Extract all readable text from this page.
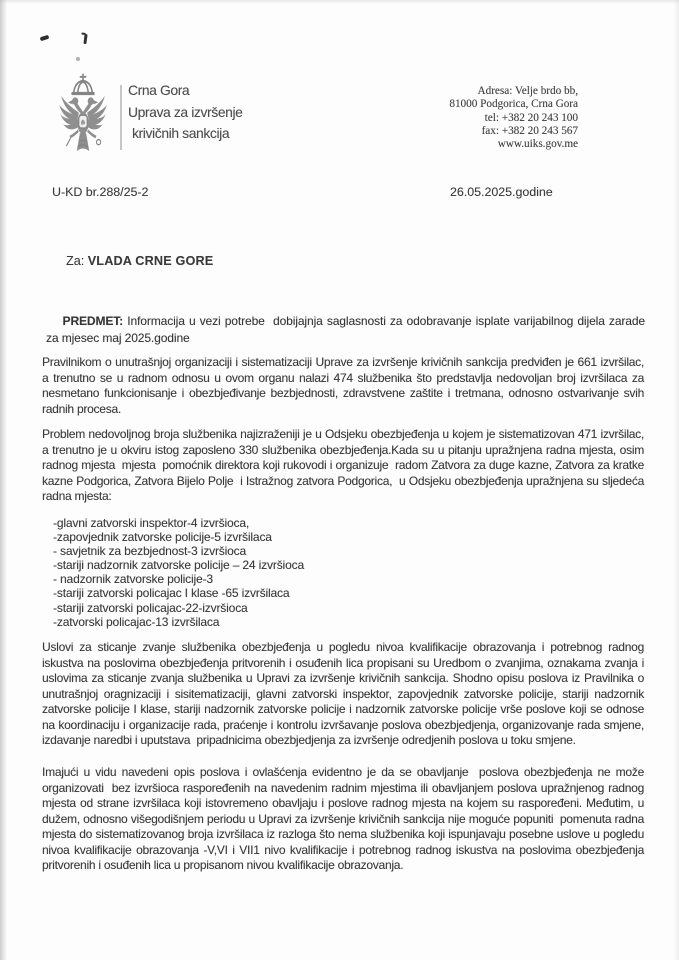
Crna Gora
Uprava za izvršenje
krivičnih sankcija
Adresa: Velje brdo bb,
81000 Podgorica, Crna Gora
tel: +382 20 243 100
fax: +382 20 243 567
www.uiks.gov.me
U-KD br.288/25-2	26.05.2025.godine

Za: VLADA CRNE GORE

PREDMET: Informacija u vezi potrebe  dobijajnja saglasnosti za odobravanje isplate varijabilnog dijela zarade za mjesec maj 2025.godine

Pravilnikom o unutrašnjoj organizaciji i sistematizaciji Uprave za izvršenje krivičnih sankcija predviđen je 661 izvršilac, a trenutno se u radnom odnosu u ovom organu nalazi 474 službenika što predstavlja nedovoljan broj izvršilaca za nesmetano funkcionisanje i obezbjeđivanje bezbjednosti, zdravstvene zaštite i tretmana, odnosno ostvarivanje svih radnih procesa.
Problem nedovoljnog broja službenika najizraženiji je u Odsjeku obezbjeđenja u kojem je sistematizovan 471 izvršilac, a trenutno je u okviru istog zaposleno 330 službenika obezbjeđenja.Kada su u pitanju upražnjena radna mjesta, osim radnog mjesta  mjesta  pomoćnik direktora koji rukovodi i organizuje  radom Zatvora za duge kazne, Zatvora za kratke kazne Podgorica, Zatvora Bijelo Polje  i Istražnog zatvora Podgorica,  u Odsjeku obezbjeđenja upražnjena su sljedeća radna mjesta:
-glavni zatvorski inspektor-4 izvršioca,
-zapovjednik zatvorske policije-5 izvršilaca
- savjetnik za bezbjednost-3 izvršioca
-stariji nadzornik zatvorske policije – 24 izvršioca
- nadzornik zatvorske policije-3
-stariji zatvorski policajac I klase -65 izvršilaca
-stariji zatvorski policajac-22-izvršioca
-zatvorski policajac-13 izvršilaca
Uslovi za sticanje zvanje službenika obezbjeđenja u pogledu nivoa kvalifikacije obrazovanja i potrebnog radnog iskustva na poslovima obezbjeđenja pritvorenih i osuđenih lica propisani su Uredbom o zvanjima, oznakama zvanja i uslovima za sticanje zvanja službenika u Upravi za izvršenje krivičnih sankcija. Shodno opisu poslova iz Pravilnika o unutrašnjoj oragnizaciji i sisitematizaciji, glavni zatvorski inspektor, zapovjednik zatvorske policije, stariji nadzornik zatvorske policije I klase, stariji nadzornik zatvorske policije i nadzornik zatvorske policije vrše poslove koji se odnose na koordinaciju i organizacije rada, praćenje i kontrolu izvršavanje poslova obezbjedjenja, organizovanje rada smjene, izdavanje naredbi i uputstava  pripadnicima obezbjedjenja za izvršenje odredjenih poslova u toku smjene.
Imajući u vidu navedeni opis poslova i ovlašćenja evidentno je da se obavljanje  poslova obezbjeđenja ne može organizovati  bez izvršioca raspoređenih na navedenim radnim mjestima ili obavljanjem poslova upražnjenog radnog mjesta od strane izvršilaca koji istovremeno obavljaju i poslove radnog mjesta na kojem su raspoređeni. Međutim, u dužem, odnosno višegodišnjem periodu u Upravi za izvršenje krivičnih sankcija nije moguće popuniti  pomenuta radna mjesta do sistematizovanog broja izvršilaca iz razloga što nema službenika koji ispunjavaju posebne uslove u pogledu nivoa kvalifikacije obrazovanja -V,VI i VII1 nivo kvalifikacije i potrebnog radnog iskustva na poslovima obezbjeđenja pritvorenih i osuđenih lica u propisanom nivou kvalifikacije obrazovanja.
